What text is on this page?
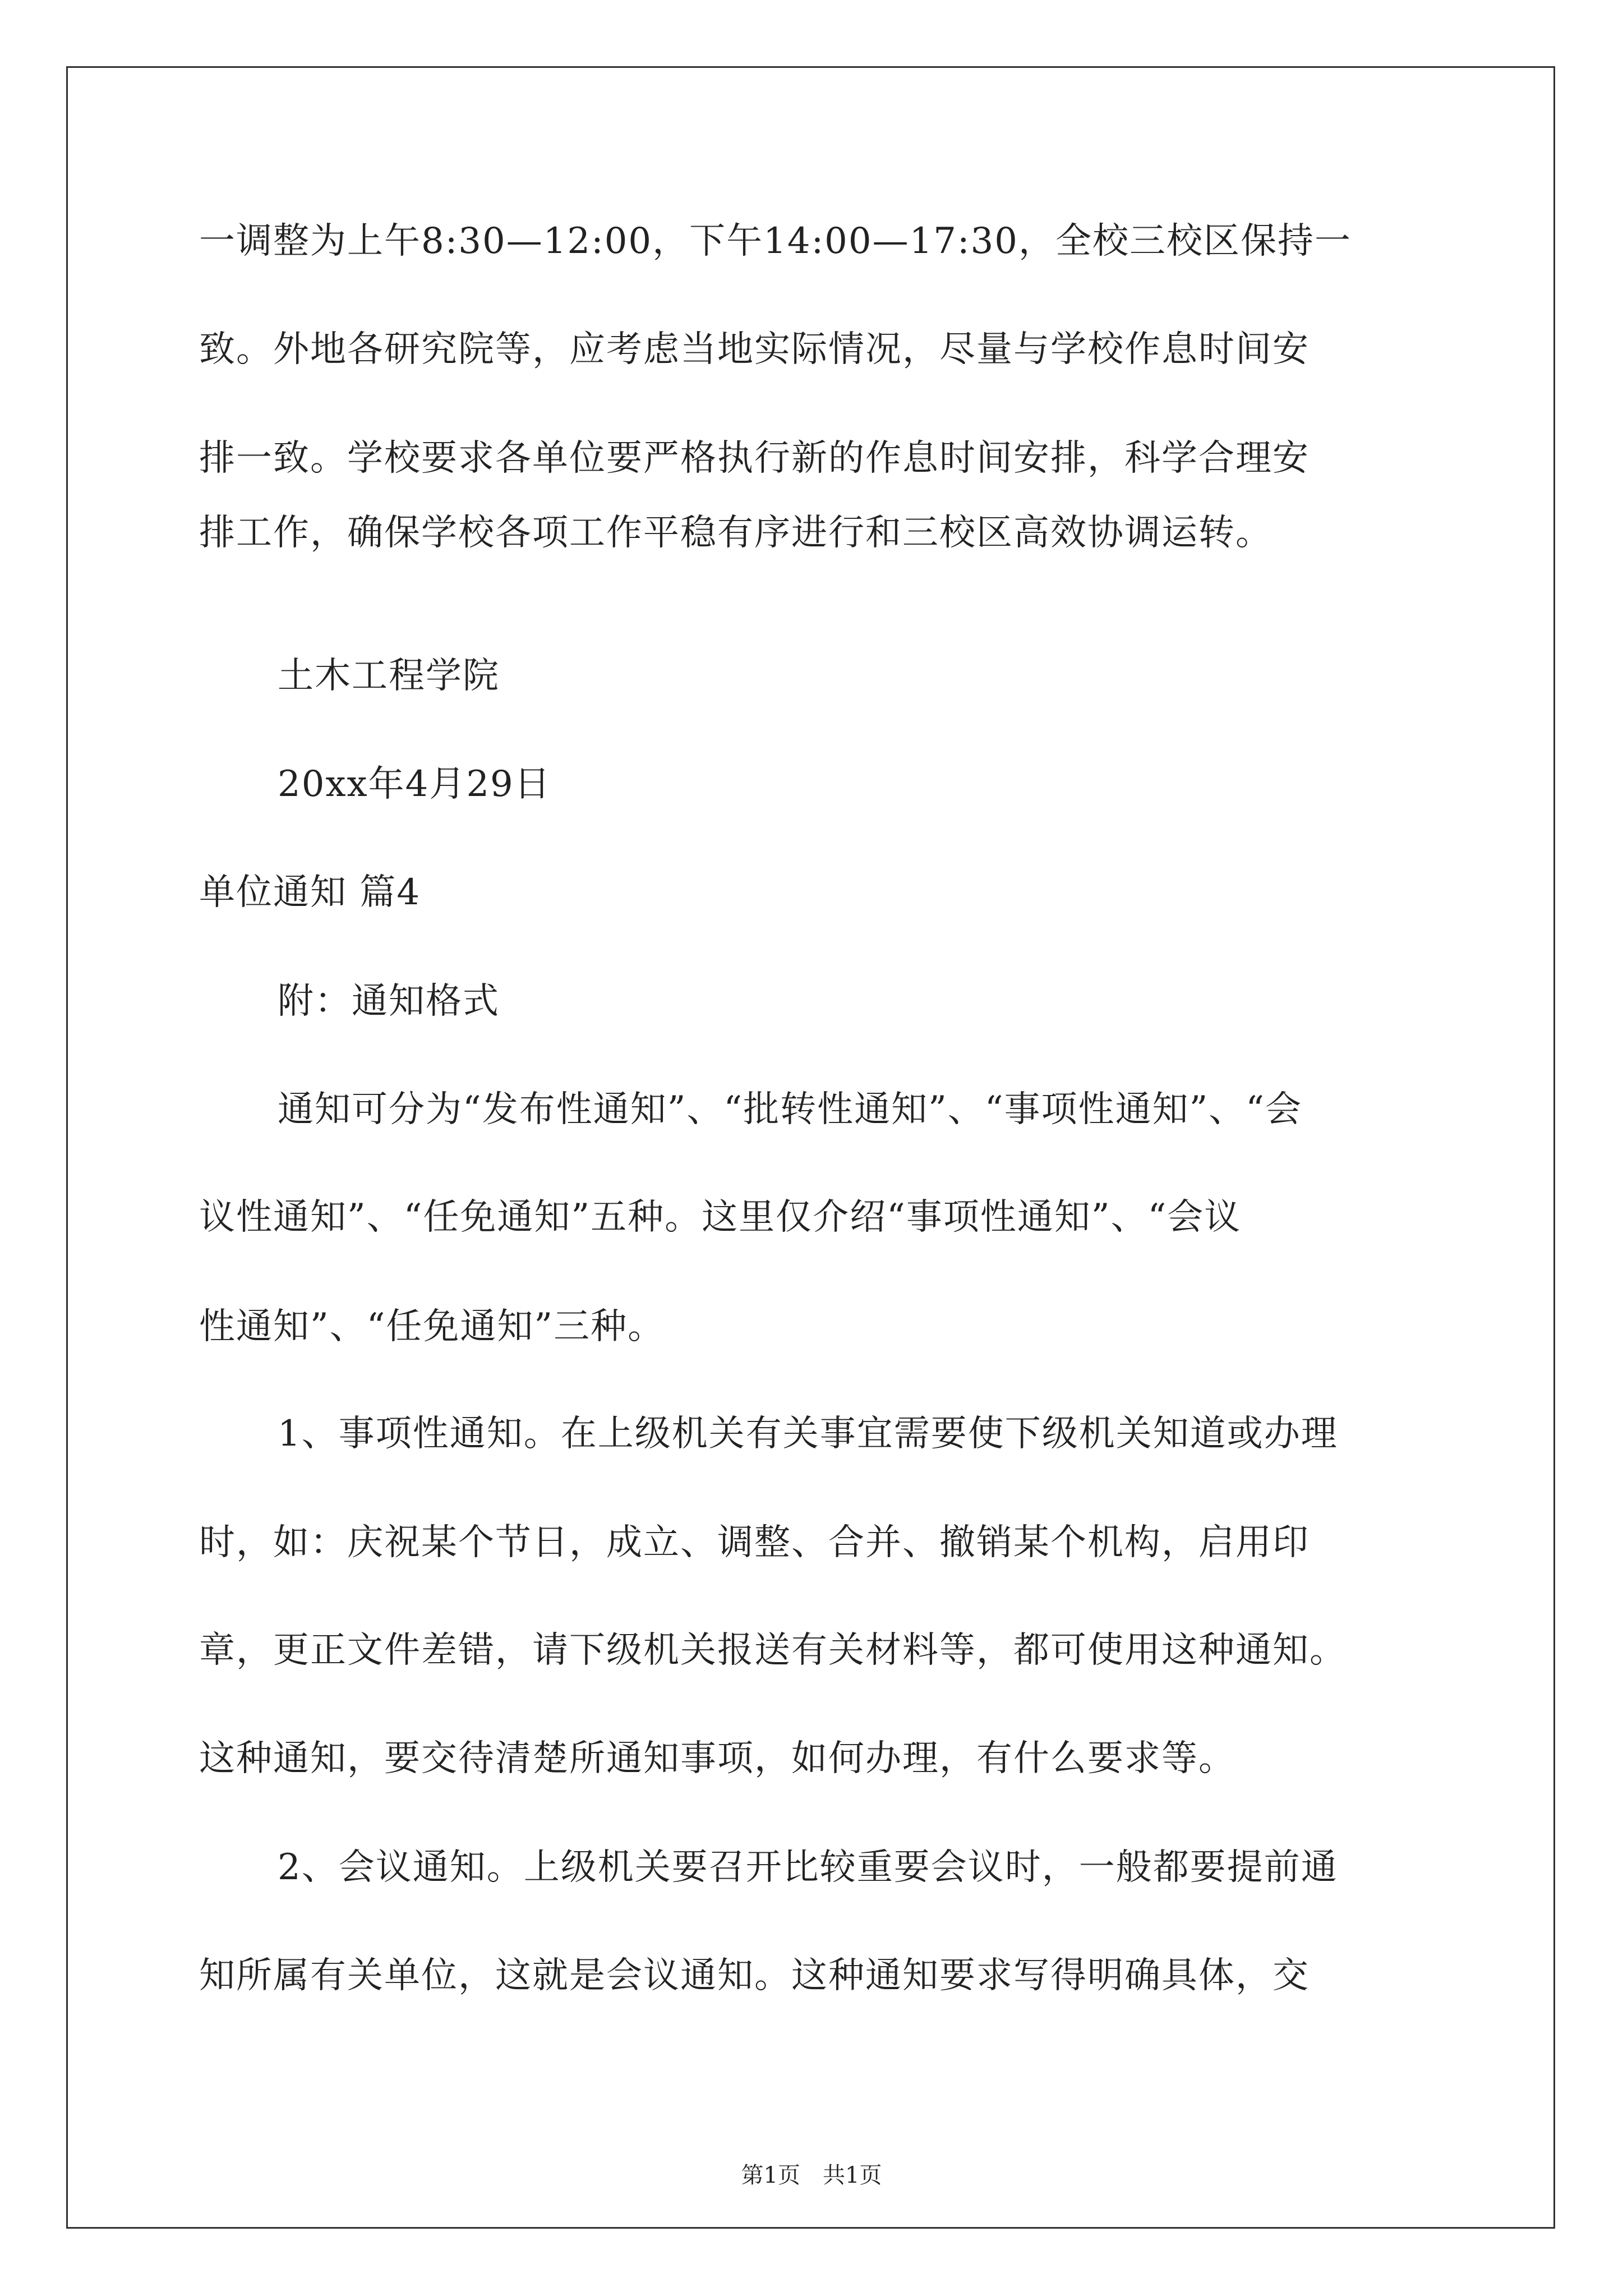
一调整为上午8:30—12:00，下午14:00—17:30，全校三校区保持一
致。外地各研究院等，应考虑当地实际情况，尽量与学校作息时间安
排一致。学校要求各单位要严格执行新的作息时间安排，科学合理安
排工作，确保学校各项工作平稳有序进行和三校区高效协调运转。
土木工程学院
20xx年4月29日
单位通知 篇4
附：通知格式
通知可分为“发布性通知”、“批转性通知”、“事项性通知”、“会
议性通知”、“任免通知”五种。这里仅介绍“事项性通知”、“会议
性通知”、“任免通知”三种。
1、事项性通知。在上级机关有关事宜需要使下级机关知道或办理
时，如：庆祝某个节日，成立、调整、合并、撤销某个机构，启用印
章，更正文件差错，请下级机关报送有关材料等，都可使用这种通知。
这种通知，要交待清楚所通知事项，如何办理，有什么要求等。
2、会议通知。上级机关要召开比较重要会议时，一般都要提前通
知所属有关单位，这就是会议通知。这种通知要求写得明确具体，交
第1页　共1页
